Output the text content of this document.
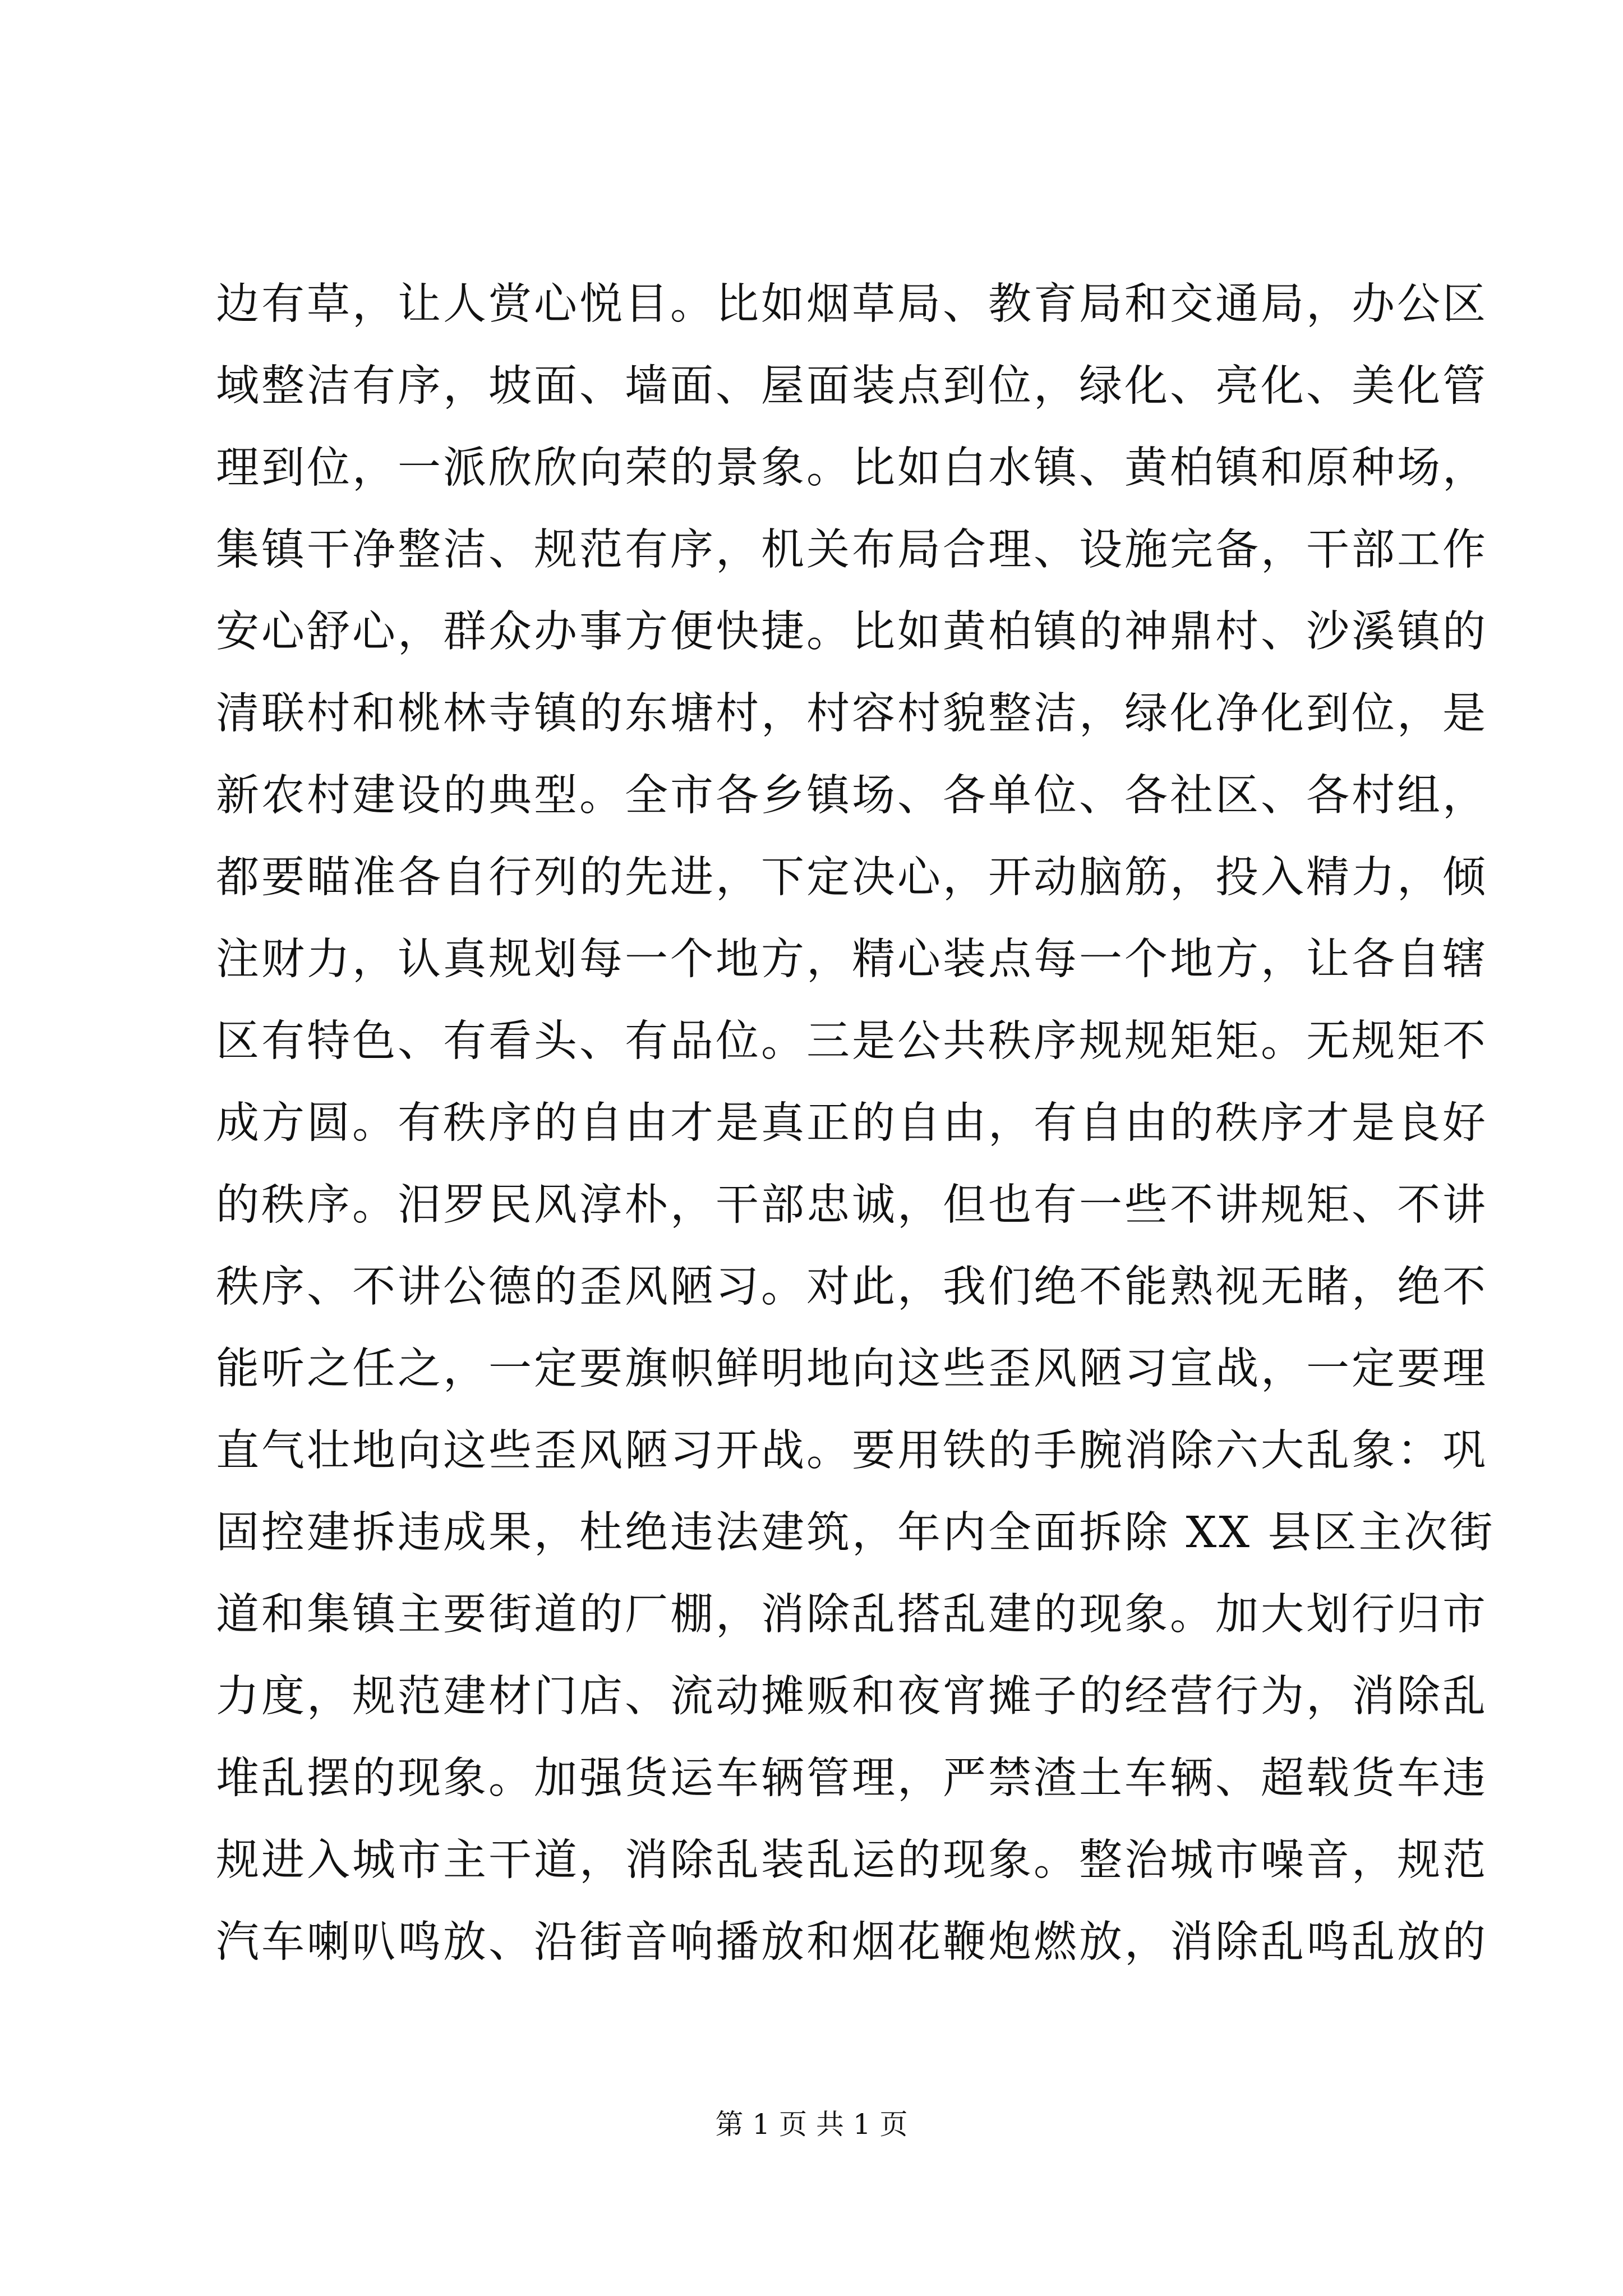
边有草，让人赏心悦目。比如烟草局、教育局和交通局，办公区
域整洁有序，坡面、墙面、屋面装点到位，绿化、亮化、美化管
理到位，一派欣欣向荣的景象。比如白水镇、黄柏镇和原种场，
集镇干净整洁、规范有序，机关布局合理、设施完备，干部工作
安心舒心，群众办事方便快捷。比如黄柏镇的神鼎村、沙溪镇的
清联村和桃林寺镇的东塘村，村容村貌整洁，绿化净化到位，是
新农村建设的典型。全市各乡镇场、各单位、各社区、各村组，
都要瞄准各自行列的先进，下定决心，开动脑筋，投入精力，倾
注财力，认真规划每一个地方，精心装点每一个地方，让各自辖
区有特色、有看头、有品位。三是公共秩序规规矩矩。无规矩不
成方圆。有秩序的自由才是真正的自由，有自由的秩序才是良好
的秩序。汨罗民风淳朴，干部忠诚，但也有一些不讲规矩、不讲
秩序、不讲公德的歪风陋习。对此，我们绝不能熟视无睹，绝不
能听之任之，一定要旗帜鲜明地向这些歪风陋习宣战，一定要理
直气壮地向这些歪风陋习开战。要用铁的手腕消除六大乱象：巩
固控建拆违成果，杜绝违法建筑，年内全面拆除 XX 县区主次街
道和集镇主要街道的厂棚，消除乱搭乱建的现象。加大划行归市
力度，规范建材门店、流动摊贩和夜宵摊子的经营行为，消除乱
堆乱摆的现象。加强货运车辆管理，严禁渣土车辆、超载货车违
规进入城市主干道，消除乱装乱运的现象。整治城市噪音，规范
汽车喇叭鸣放、沿街音响播放和烟花鞭炮燃放，消除乱鸣乱放的
第 1 页 共 1 页
